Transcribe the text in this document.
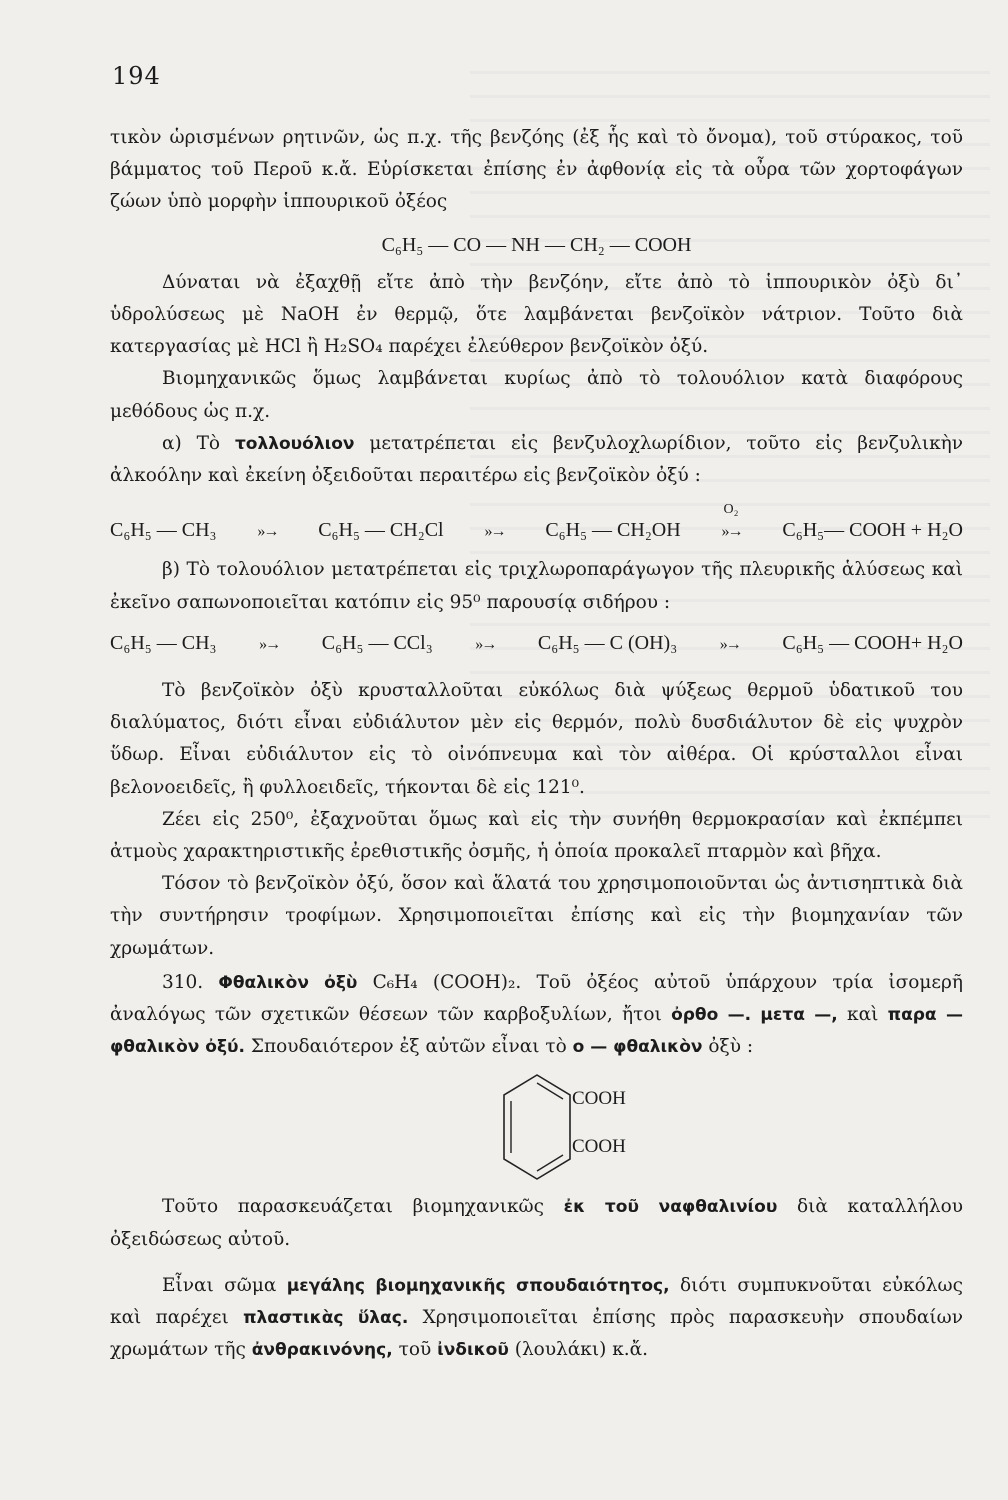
194

τικὸν ὡρισμένων ρητινῶν, ὡς π.χ. τῆς βενζόης (ἐξ ἧς καὶ τὸ ὄνομα), τοῦ στύρακος, τοῦ βάμματος τοῦ Περοῦ κ.ἄ. Εὑρίσκεται ἐπίσης ἐν ἀφθονίᾳ εἰς τὰ οὖρα τῶν χορτοφάγων ζώων ὑπὸ μορφὴν ἱππουρικοῦ ὀξέος

C₆H₅ — CO — NH — CH₂ — COOH

Δύναται νὰ ἐξαχθῇ εἴτε ἀπὸ τὴν βενζόην, εἴτε ἀπὸ τὸ ἱππουρικὸν ὀξὺ δι᾿ ὑδρολύσεως μὲ NaOH ἐν θερμῷ, ὅτε λαμβάνεται βενζοϊκὸν νάτριον. Τοῦτο διὰ κατεργασίας μὲ HCl ἢ H₂SO₄ παρέχει ἐλεύθερον βενζοϊκὸν ὀξύ.

Βιομηχανικῶς ὅμως λαμβάνεται κυρίως ἀπὸ τὸ τολουόλιον κατὰ διαφόρους μεθόδους ὡς π.χ.

α) Τὸ τολλουόλιον μετατρέπεται εἰς βενζυλοχλωρίδιον, τοῦτο εἰς βενζυλικὴν ἀλκοόλην καὶ ἐκείνη ὀξειδοῦται περαιτέρω εἰς βενζοϊκὸν ὀξύ :

C₆H₅ — CH₃	»→ C₆H₅ — CH₂Cl	»→ C₆H₅ — CH₂OH
O₂
»→ C₆H₅— COOH + H₂O

β) Τὸ τολουόλιον μετατρέπεται εἰς τριχλωροπαράγωγον τῆς πλευρικῆς ἁλύσεως καὶ ἐκεῖνο σαπωνοποιεῖται κατόπιν εἰς 95⁰ παρουσίᾳ σιδήρου :

C₆H₅ — CH₃	»→ C₆H₅ — CCl₃	»→ C₆H₅ — C (OH)₃	»→ C₆H₅ — COOH+ H₂O

Τὸ βενζοϊκὸν ὀξὺ κρυσταλλοῦται εὐκόλως διὰ ψύξεως θερμοῦ ὑδατικοῦ του διαλύματος, διότι εἶναι εὐδιάλυτον μὲν εἰς θερμόν, πολὺ δυσδιάλυτον δὲ εἰς ψυχρὸν ὕδωρ. Εἶναι εὐδιάλυτον εἰς τὸ οἰνόπνευμα καὶ τὸν αἰθέρα. Οἱ κρύσταλλοι εἶναι βελονοειδεῖς, ἢ φυλλοειδεῖς, τήκονται δὲ εἰς 121⁰.

Ζέει εἰς 250⁰, ἐξαχνοῦται ὅμως καὶ εἰς τὴν συνήθη θερμοκρασίαν καὶ ἐκπέμπει ἀτμοὺς χαρακτηριστικῆς ἐρεθιστικῆς ὀσμῆς, ἡ ὁποία προκαλεῖ πταρμὸν καὶ βῆχα.

Τόσον τὸ βενζοϊκὸν ὀξύ, ὅσον καὶ ἅλατά του χρησιμοποιοῦνται ὡς ἀντισηπτικὰ διὰ τὴν συντήρησιν τροφίμων. Χρησιμοποιεῖται ἐπίσης καὶ εἰς τὴν βιομηχανίαν τῶν χρωμάτων.

310. Φθαλικὸν ὀξὺ C₆H₄ (COOH)₂. Τοῦ ὀξέος αὐτοῦ ὑπάρχουν τρία ἰσομερῆ ἀναλόγως τῶν σχετικῶν θέσεων τῶν καρβοξυλίων, ἤτοι ὀρθο —. μετα —, καὶ παρα — φθαλικὸν ὀξύ. Σπουδαιότερον ἐξ αὐτῶν εἶναι τὸ ο — φθαλικὸν ὀξὺ :

COOH
COOH

Τοῦτο παρασκευάζεται βιομηχανικῶς ἐκ τοῦ ναφθαλινίου διὰ καταλλήλου ὀξειδώσεως αὐτοῦ.

Εἶναι σῶμα μεγάλης βιομηχανικῆς σπουδαιότητος, διότι συμπυκνοῦται εὐκόλως καὶ παρέχει πλαστικὰς ὕλας. Χρησιμοποιεῖται ἐπίσης πρὸς παρασκευὴν σπουδαίων χρωμάτων τῆς ἀνθρακινόνης, τοῦ ἰνδικοῦ (λουλάκι) κ.ἄ.
